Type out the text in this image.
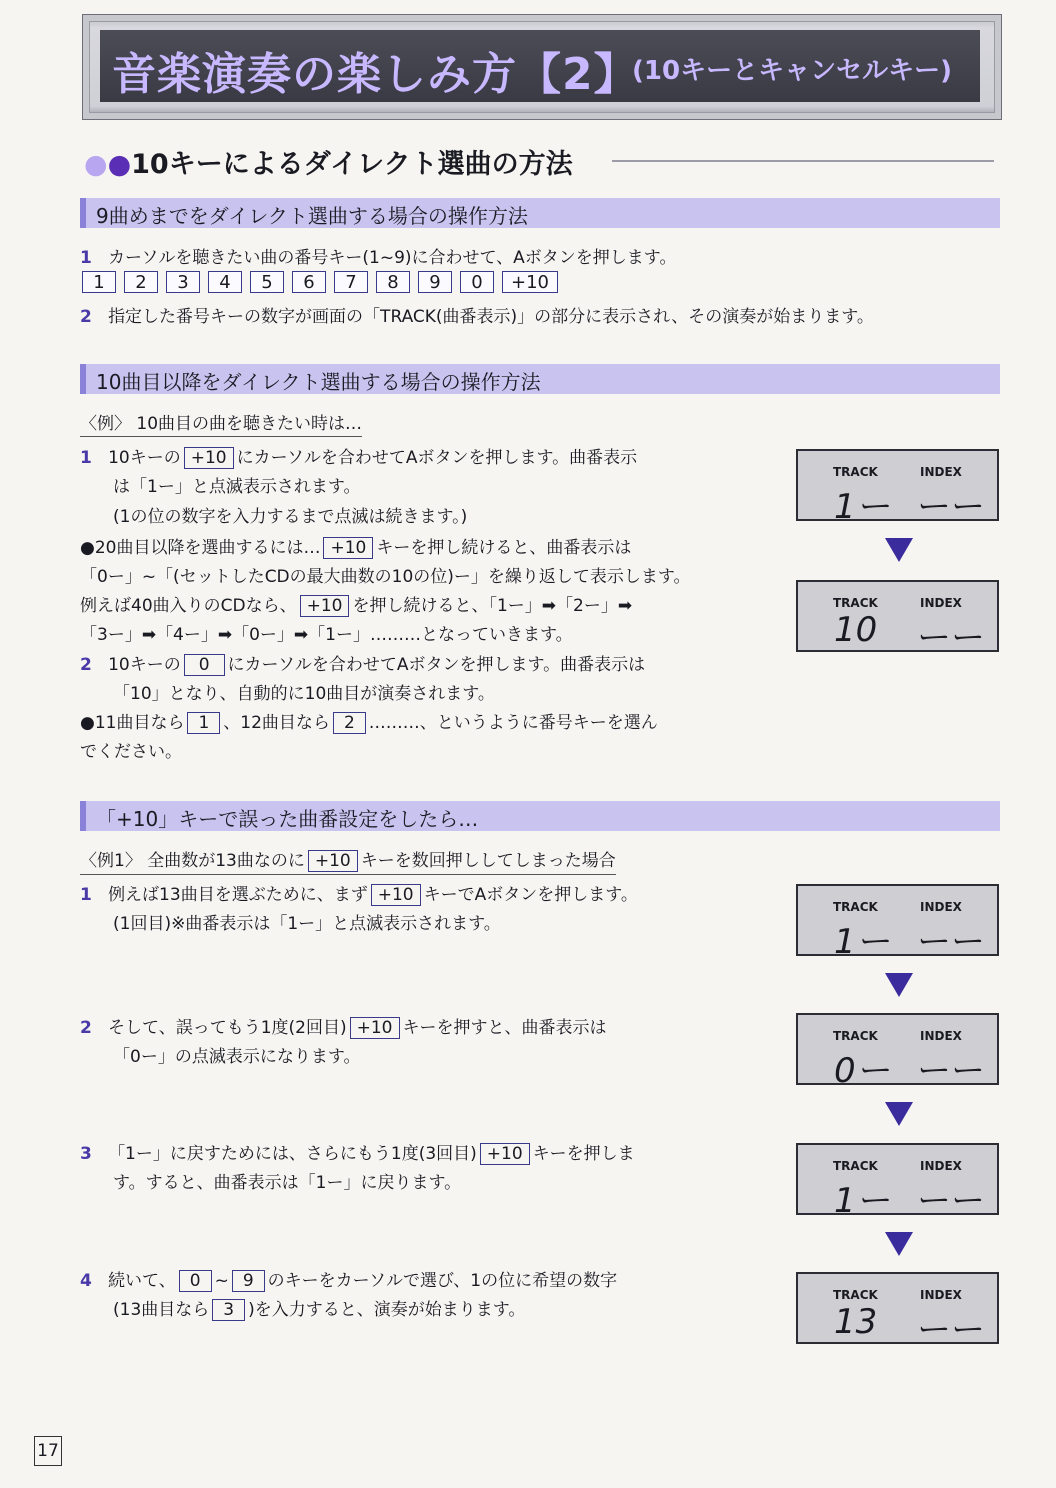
音楽演奏の楽しみ方【2】
(10キーとキャンセルキー)
●●10キーによるダイレクト選曲の方法
9曲めまでをダイレクト選曲する場合の操作方法
1 カーソルを聴きたい曲の番号キー(1~9)に合わせて、Aボタンを押します。
1	2	3	4	5	6	7	8	9	0	+10
2 指定した番号キーの数字が画面の「TRACK(曲番表示)」の部分に表示され、その演奏が始まります。
10曲目以降をダイレクト選曲する場合の操作方法
〈例〉 10曲目の曲を聴きたい時は…
1 10キーの +10 にカーソルを合わせてAボタンを押します。曲番表示
は「1ー」と点滅表示されます。
(1の位の数字を入力するまで点滅は続きます。)
●20曲目以降を選曲するには… +10 キーを押し続けると、曲番表示は
「0ー」~「(セットしたCDの最大曲数の10の位)ー」を繰り返して表示します。
例えば40曲入りのCDなら、 +10 を押し続けると、「1ー」➡「2ー」➡
「3ー」➡「4ー」➡「0ー」➡「1ー」………となっていきます。
2 10キーの 0 にカーソルを合わせてAボタンを押します。曲番表示は
「10」となり、自動的に10曲目が演奏されます。
●11曲目なら 1 、12曲目なら 2 ………、というように番号キーを選ん
でください。
「+10」キーで誤った曲番設定をしたら…
〈例1〉 全曲数が13曲なのに +10 キーを数回押ししてしまった場合
1 例えば13曲目を選ぶために、まず +10 キーでAボタンを押します。
(1回目)※曲番表示は「1ー」と点滅表示されます。
2 そして、誤ってもう1度(2回目) +10 キーを押すと、曲番表示は
「0ー」の点滅表示になります。
3 「1ー」に戻すためには、さらにもう1度(3回目) +10 キーを押しま
す。すると、曲番表示は「1ー」に戻ります。
4 続いて、 0 ~ 9 のキーをカーソルで選び、1の位に希望の数字
(13曲目なら 3 )を入力すると、演奏が始まります。
TRACK	INDEX
1ー ーー
TRACK	INDEX
10 ーー
TRACK	INDEX
1ー ーー
TRACK	INDEX
0ー ーー
TRACK	INDEX
1ー ーー
TRACK	INDEX
13 ーー
17
